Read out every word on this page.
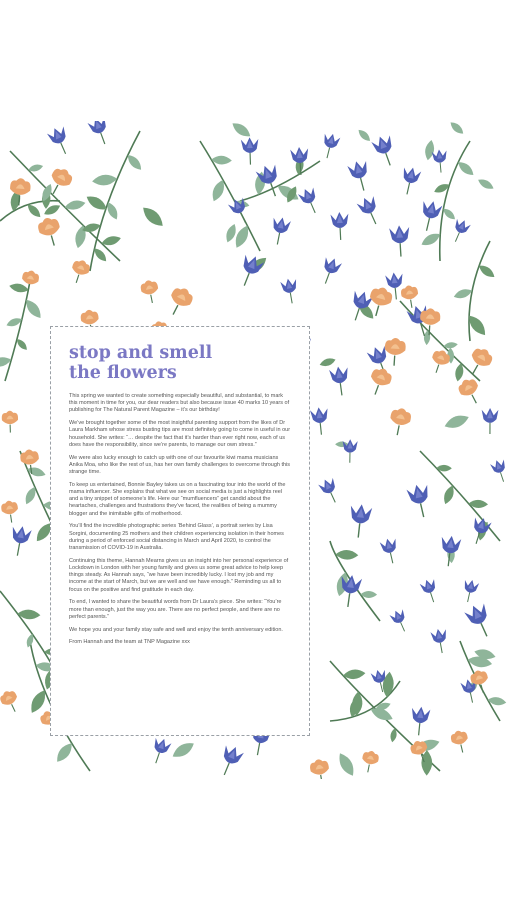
stop and smell
the flowers

This spring we wanted to create something especially beautiful, and substantial, to mark this moment in time for you, our dear readers but also because issue 40 marks 10 years of publishing for The Natural Parent Magazine – it’s our birthday!

We’ve brought together some of the most insightful parenting support from the likes of Dr Laura Markham whose stress busting tips are most definitely going to come in useful in our household. She writes: “… despite the fact that it’s harder than ever right now, each of us does have the responsibility, since we’re parents, to manage our own stress.”

We were also lucky enough to catch up with one of our favourite kiwi mama musicians Anika Moa, who like the rest of us, has her own family challenges to overcome through this strange time.

To keep us entertained, Bonnie Bayley takes us on a fascinating tour into the world of the mama influencer. She explains that what we see on social media is just a highlights reel and a tiny snippet of someone’s life. Here our “mumfluencers” get candid about the heartaches, challenges and frustrations they’ve faced, the realities of being a mummy blogger and the inimitable gifts of motherhood.

You’ll find the incredible photographic series ‘Behind Glass’, a portrait series by Lisa Sorgini, documenting 25 mothers and their children experiencing isolation in their homes during a period of enforced social distancing in March and April 2020, to control the transmission of COVID-19 in Australia.

Continuing this theme, Hannah Mearns gives us an insight into her personal experience of Lockdown in London with her young family and gives us some great advice to help keep things steady. As Hannah says, “we have been incredibly lucky. I lost my job and my income at the start of March, but we are well and we have enough.” Reminding us all to focus on the positive and find gratitude in each day.

To end, I wanted to share the beautiful words from Dr Laura’s piece. She writes: “You’re more than enough, just the way you are. There are no perfect people, and there are no perfect parents.”

We hope you and your family stay safe and well and enjoy the tenth anniversary edition.

From Hannah and the team at TNP Magazine xxx
